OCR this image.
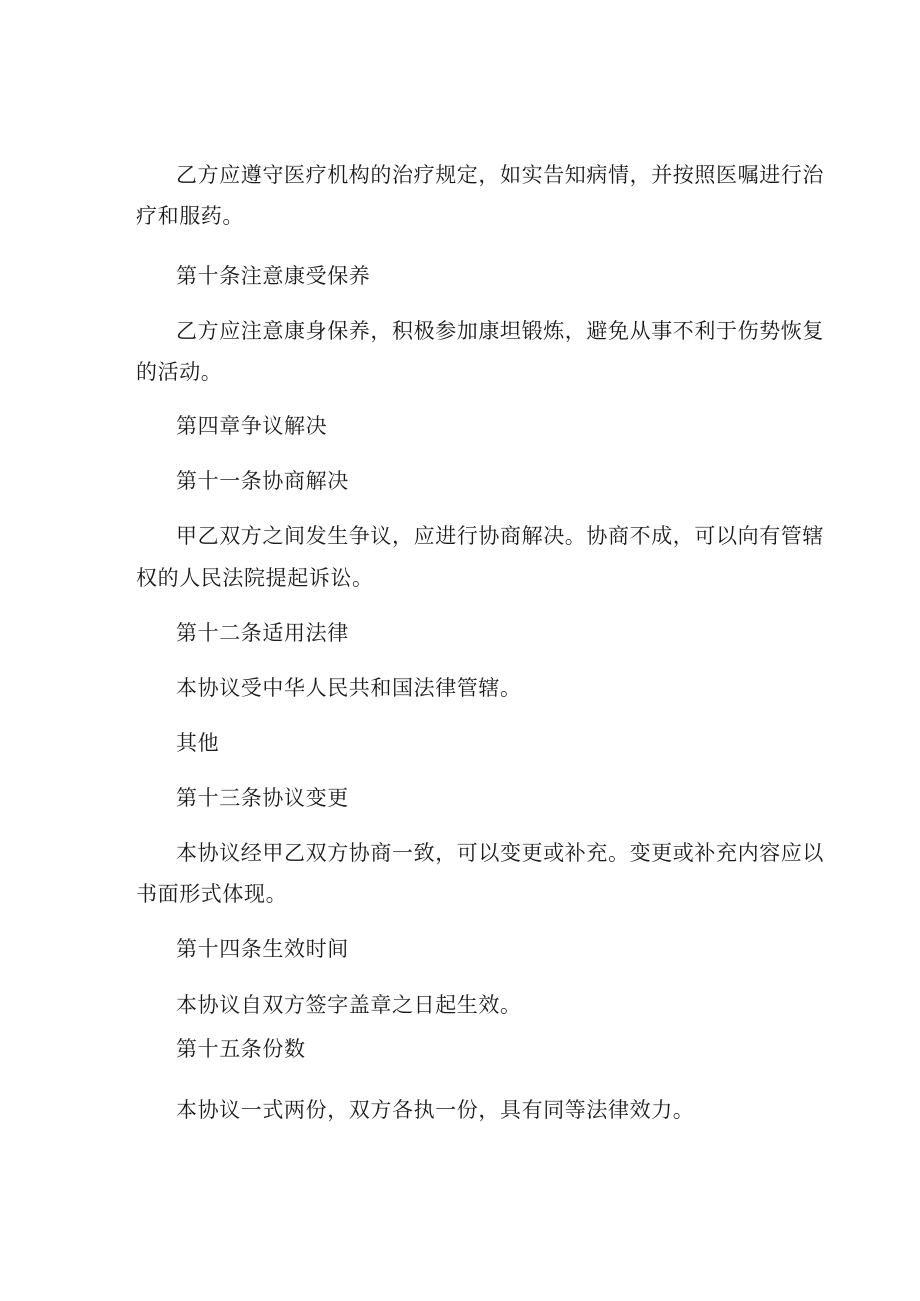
乙方应遵守医疗机构的治疗规定，如实告知病情，并按照医嘱进行治
疗和服药。
第十条注意康受保养
乙方应注意康身保养，积极参加康坦锻炼，避免从事不利于伤势恢复
的活动。
第四章争议解决
第十一条协商解决
甲乙双方之间发生争议，应进行协商解决。协商不成，可以向有管辖
权的人民法院提起诉讼。
第十二条适用法律
本协议受中华人民共和国法律管辖。
其他
第十三条协议变更
本协议经甲乙双方协商一致，可以变更或补充。变更或补充内容应以
书面形式体现。
第十四条生效时间
本协议自双方签字盖章之日起生效。
第十五条份数
本协议一式两份，双方各执一份，具有同等法律效力。
